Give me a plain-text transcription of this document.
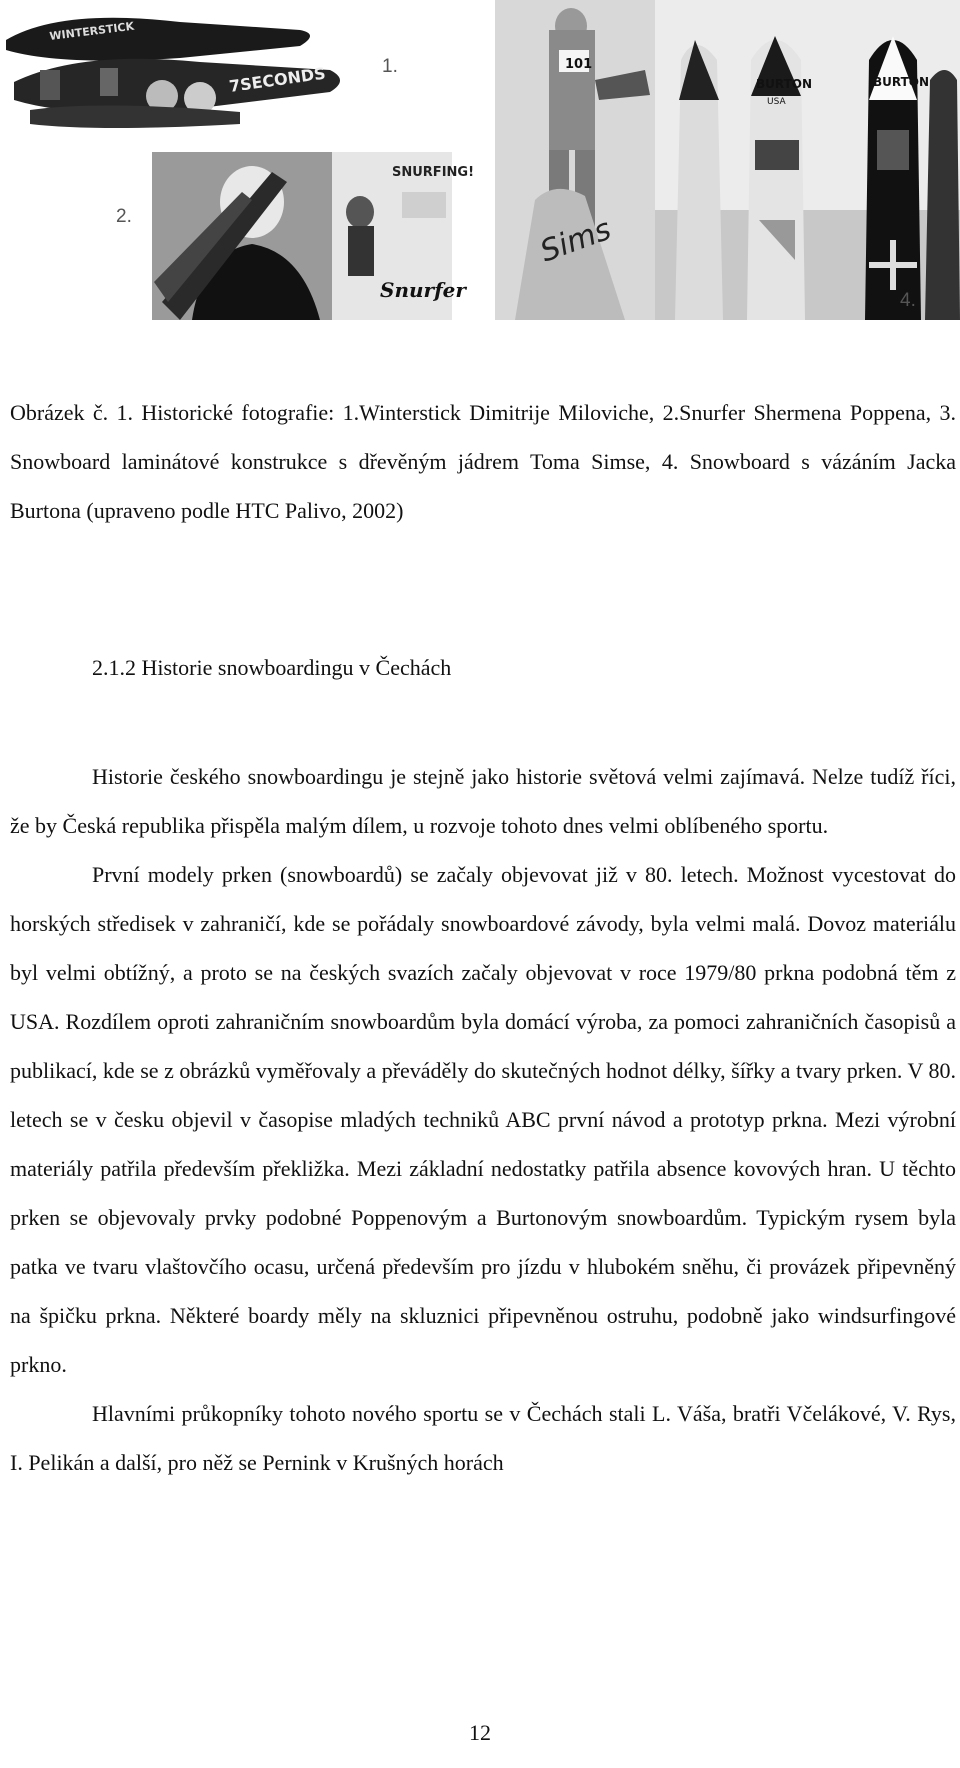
WINTERSTICK
7SECONDS	1.
SNURFING!
Snurfer
2.
101
Sims
BURTON
USA
BURTON
4.

Obrázek č. 1. Historické fotografie: 1.Winterstick Dimitrije Miloviche, 2.Snurfer Shermena Poppena, 3. Snowboard laminátové konstrukce s dřevěným jádrem Toma Simse, 4. Snowboard s vázáním Jacka Burtona (upraveno podle HTC Palivo, 2002)

2.1.2 Historie snowboardingu v Čechách

Historie českého snowboardingu je stejně jako historie světová velmi zajímavá. Nelze tudíž říci, že by Česká republika přispěla malým dílem, u rozvoje tohoto dnes velmi oblíbeného sportu.

První modely prken (snowboardů) se začaly objevovat již v 80. letech. Možnost vycestovat do horských středisek v zahraničí, kde se pořádaly snowboardové závody, byla velmi malá. Dovoz materiálu byl velmi obtížný, a proto se na českých svazích začaly objevovat v roce 1979/80 prkna podobná těm z USA. Rozdílem oproti zahraničním snowboardům byla domácí výroba, za pomoci zahraničních časopisů a publikací, kde se z obrázků vyměřovaly a převáděly do skutečných hodnot délky, šířky a tvary prken. V 80. letech se v česku objevil v časopise mladých techniků ABC první návod a prototyp prkna. Mezi výrobní materiály patřila především překližka. Mezi základní nedostatky patřila absence kovových hran. U těchto prken se objevovaly prvky podobné Poppenovým a Burtonovým snowboardům. Typickým rysem byla patka ve tvaru vlaštovčího ocasu, určená především pro jízdu v hlubokém sněhu, či provázek připevněný na špičku prkna. Některé boardy měly na skluznici připevněnou ostruhu, podobně jako windsurfingové prkno.

Hlavními průkopníky tohoto nového sportu se v Čechách stali L. Váša, bratři Včelákové, V. Rys, I. Pelikán a další, pro něž se Pernink v Krušných horách

12
